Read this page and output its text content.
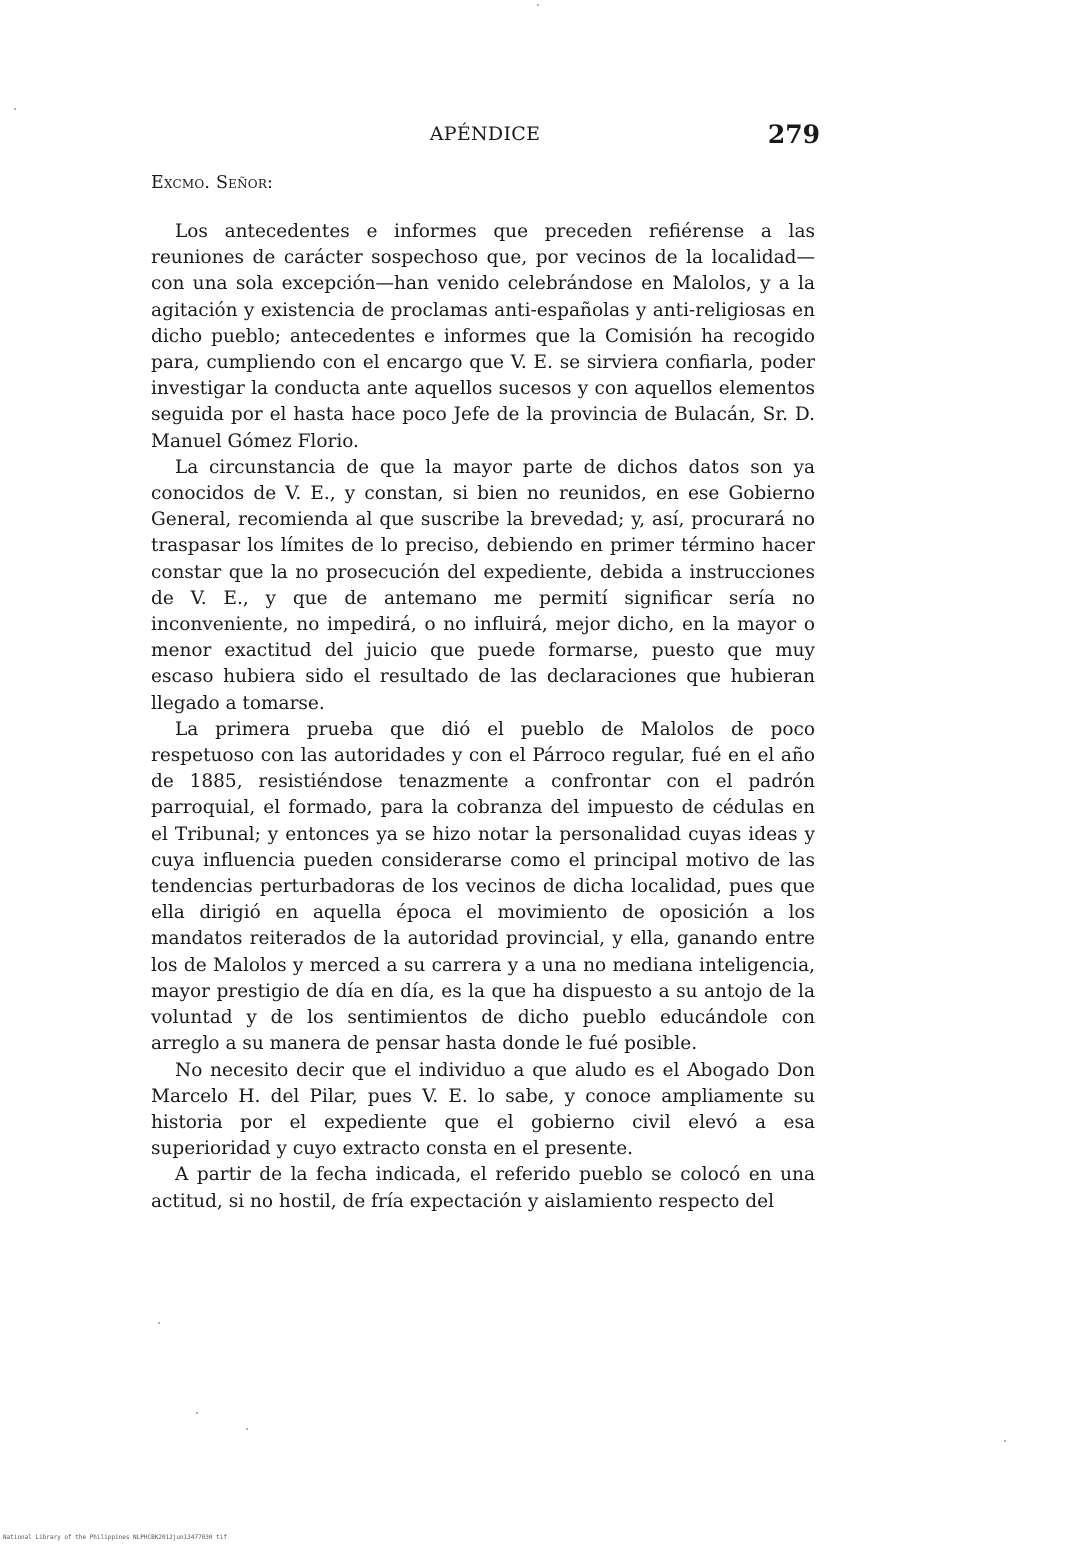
APÉNDICE	279
Excmo. Señor:

Los antecedentes e informes que preceden refiérense a las reuniones de carácter sospechoso que, por vecinos de la localidad—con una sola excepción—han venido celebrándose en Malolos, y a la agitación y existencia de proclamas anti-españolas y anti-religiosas en dicho pueblo; antecedentes e informes que la Comisión ha recogido para, cumpliendo con el encargo que V. E. se sirviera confiarla, poder investigar la conducta ante aquellos sucesos y con aquellos elementos seguida por el hasta hace poco Jefe de la provincia de Bulacán, Sr. D. Manuel Gómez Florio.

La circunstancia de que la mayor parte de dichos datos son ya conocidos de V. E., y constan, si bien no reunidos, en ese Gobierno General, recomienda al que suscribe la brevedad; y, así, procurará no traspasar los límites de lo preciso, debiendo en primer término hacer constar que la no prosecución del expediente, debida a instrucciones de V. E., y que de antemano me permití significar sería no inconveniente, no impedirá, o no influirá, mejor dicho, en la mayor o menor exactitud del juicio que puede formarse, puesto que muy escaso hubiera sido el resultado de las declaraciones que hubieran llegado a tomarse.

La primera prueba que dió el pueblo de Malolos de poco respetuoso con las autoridades y con el Párroco regular, fué en el año de 1885, resistiéndose tenazmente a confrontar con el padrón parroquial, el formado, para la cobranza del impuesto de cédulas en el Tribunal; y entonces ya se hizo notar la personalidad cuyas ideas y cuya influencia pueden considerarse como el principal motivo de las tendencias perturbadoras de los vecinos de dicha localidad, pues que ella dirigió en aquella época el movimiento de oposición a los mandatos reiterados de la autoridad provincial, y ella, ganando entre los de Malolos y merced a su carrera y a una no mediana inteligencia, mayor prestigio de día en día, es la que ha dispuesto a su antojo de la voluntad y de los sentimientos de dicho pueblo educándole con arreglo a su manera de pensar hasta donde le fué posible.

No necesito decir que el individuo a que aludo es el Abogado Don Marcelo H. del Pilar, pues V. E. lo sabe, y conoce ampliamente su historia por el expediente que el gobierno civil elevó a esa superioridad y cuyo extracto consta en el presente.

A partir de la fecha indicada, el referido pueblo se colocó en una actitud, si no hostil, de fría expectación y aislamiento respecto del

National Library of the Philippines NLPHCBK2012jun13477030 tif
